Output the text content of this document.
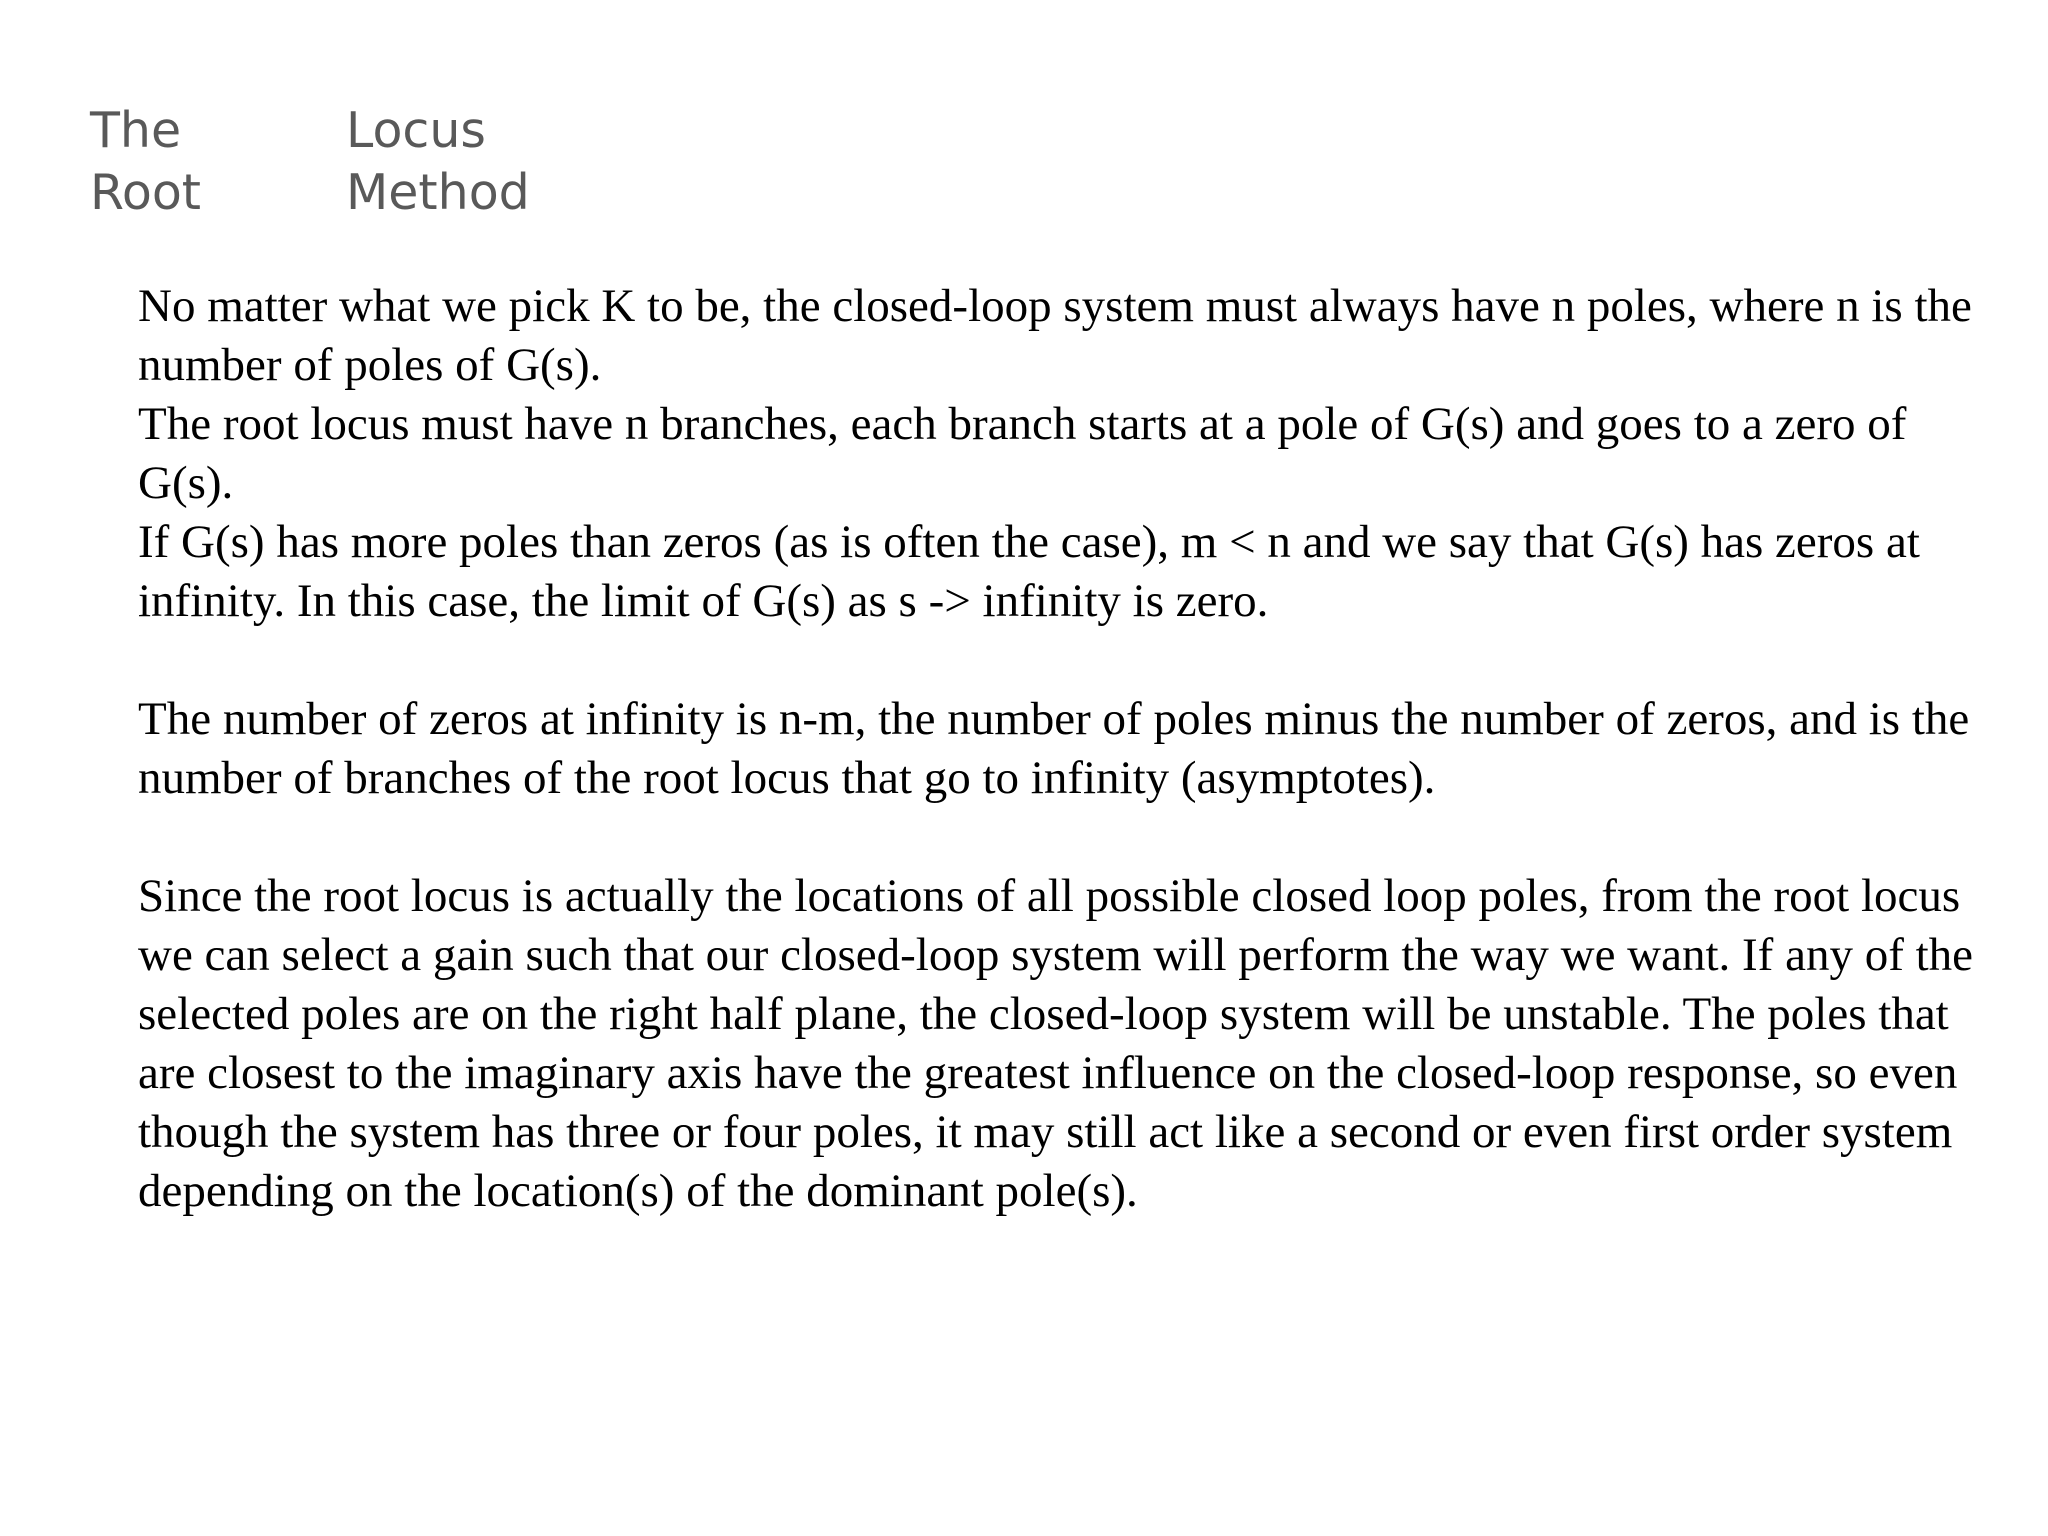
The	Locus
Root	Method

No matter what we pick K to be, the closed-loop system must always have n poles, where n is the number of poles of G(s).

The root locus must have n branches, each branch starts at a pole of G(s) and goes to a zero of G(s).

If G(s) has more poles than zeros (as is often the case), m < n and we say that G(s) has zeros at infinity. In this case, the limit of G(s) as s -> infinity is zero.

The number of zeros at infinity is n-m, the number of poles minus the number of zeros, and is the number of branches of the root locus that go to infinity (asymptotes).

Since the root locus is actually the locations of all possible closed loop poles, from the root locus we can select a gain such that our closed-loop system will perform the way we want. If any of the selected poles are on the right half plane, the closed-loop system will be unstable. The poles that are closest to the imaginary axis have the greatest influence on the closed-loop response, so even though the system has three or four poles, it may still act like a second or even first order system depending on the location(s) of the dominant pole(s).
